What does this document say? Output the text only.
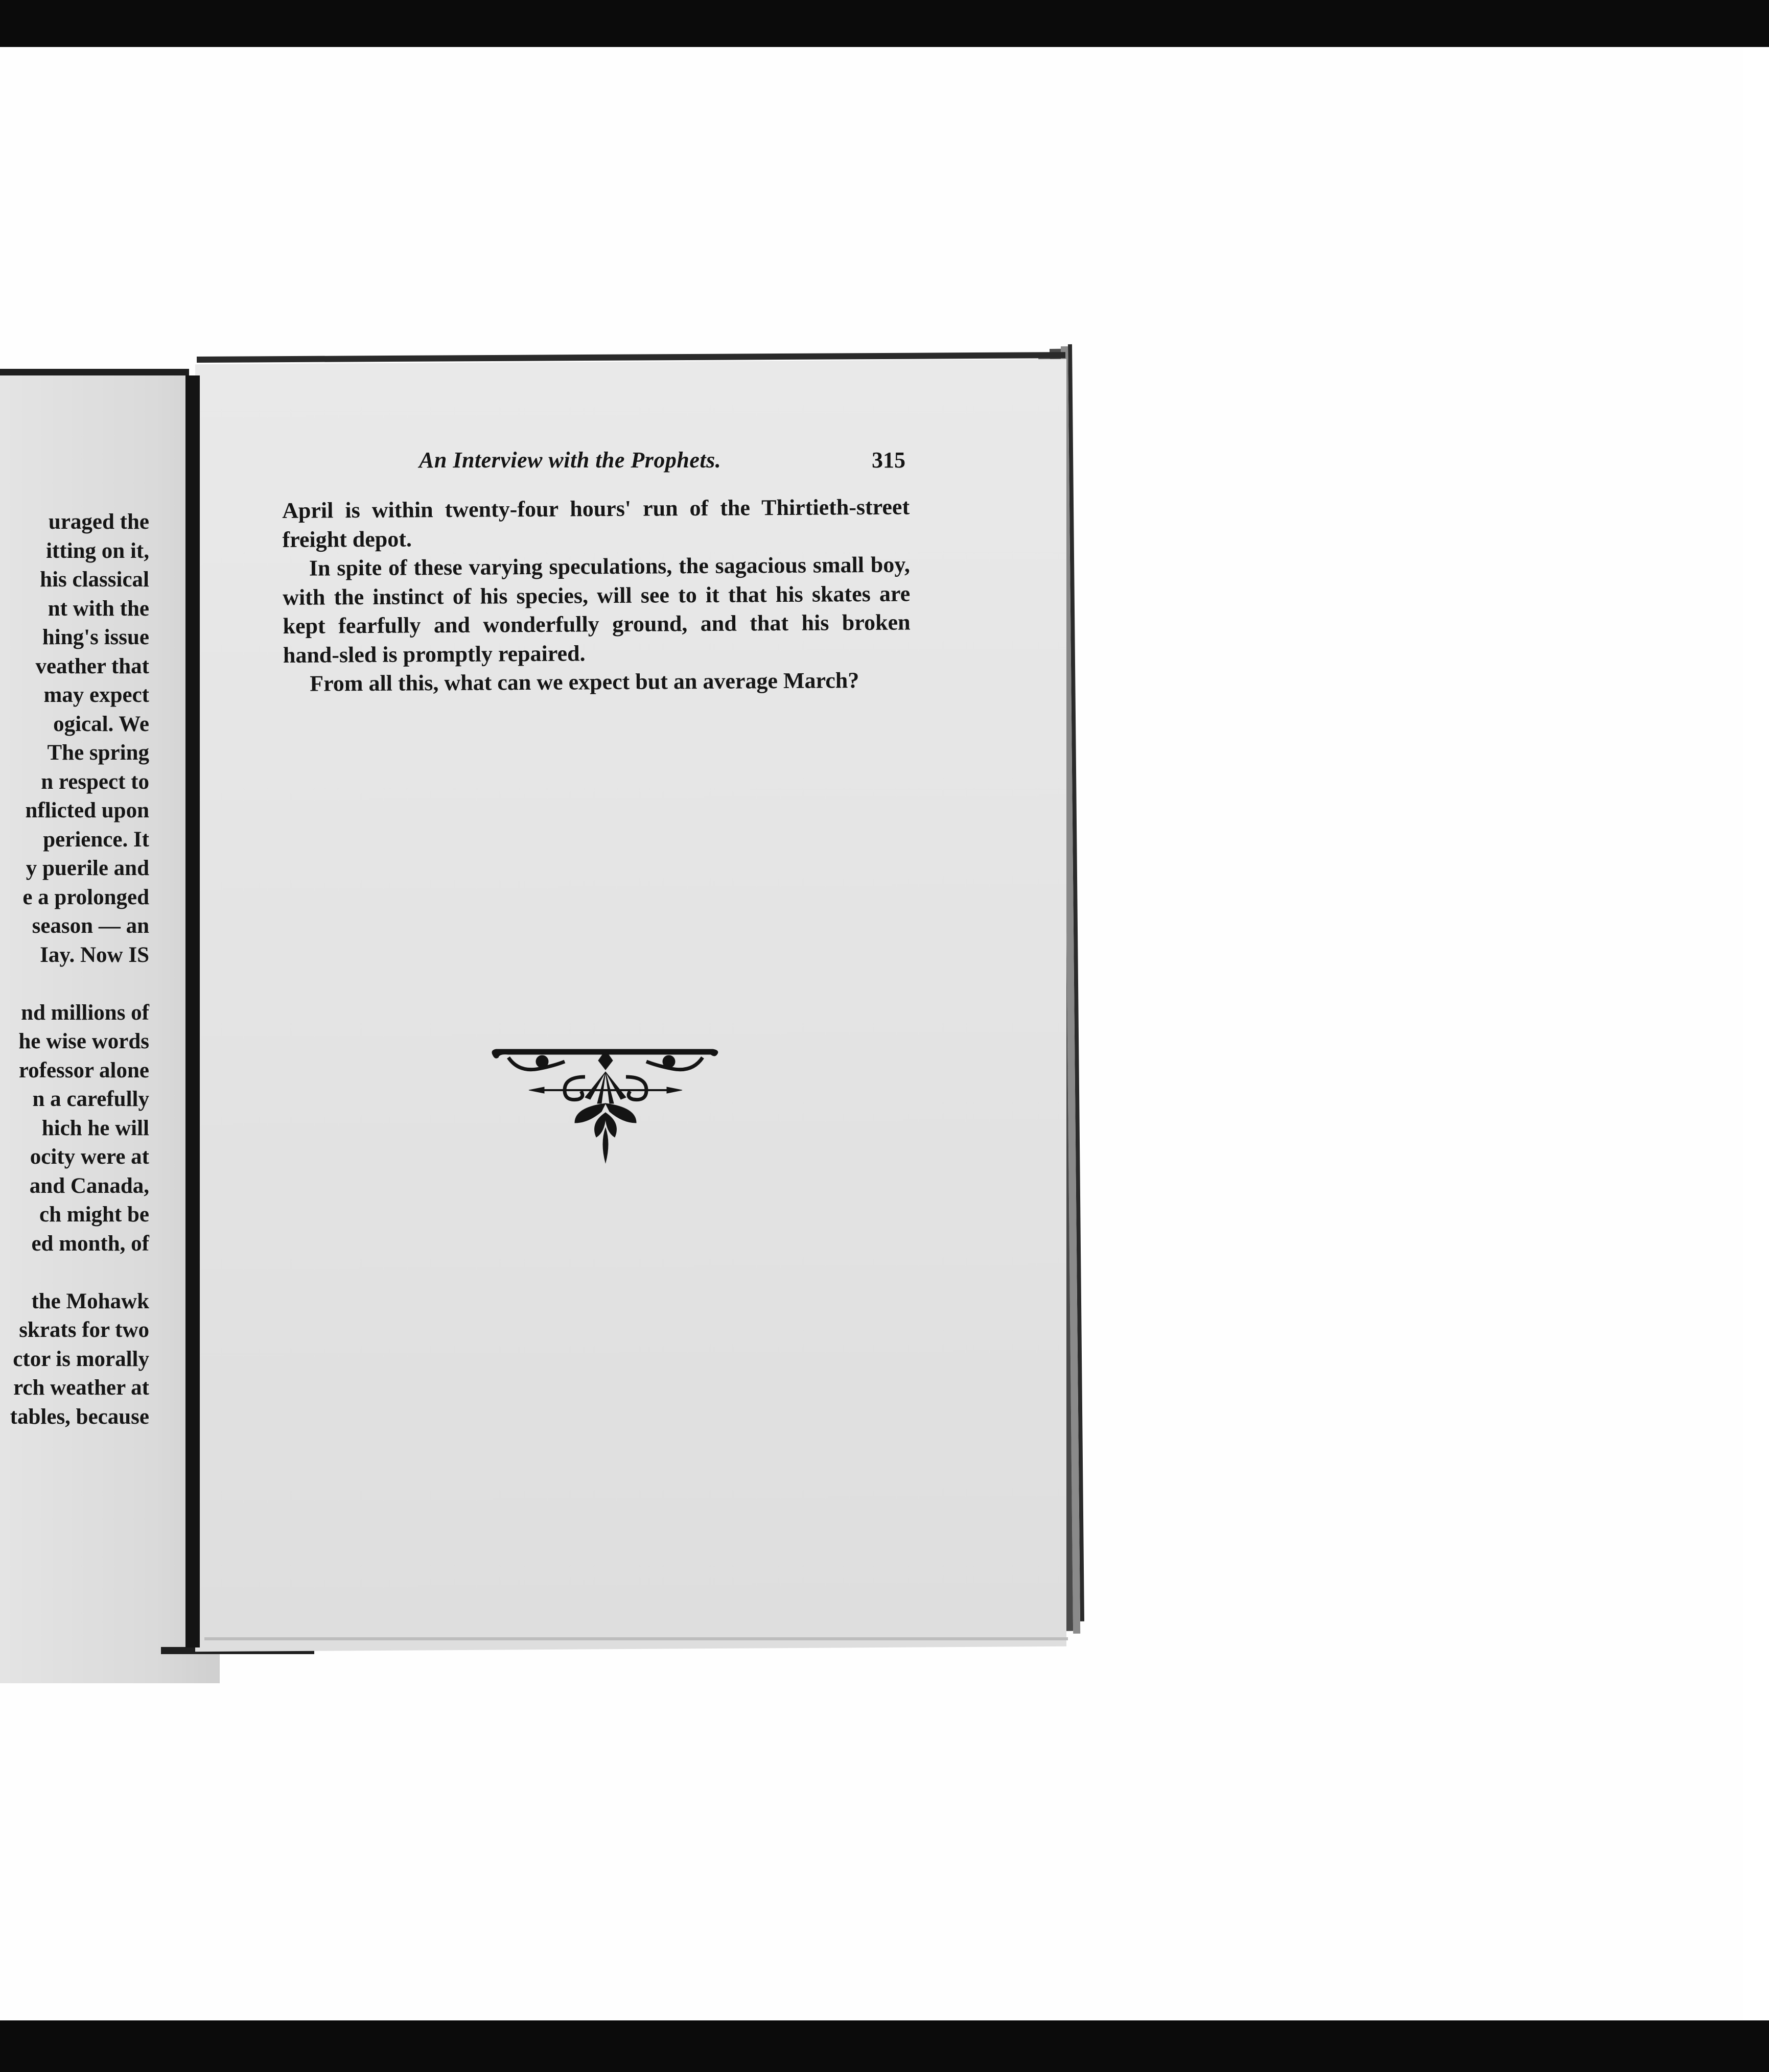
uraged the
itting on it,
his classical
nt with the
hing's issue
veather that
may expect
ogical. We
The spring
n respect to
nflicted upon
perience. It
y puerile and
e a prolonged
season — an
Iay. Now IS
nd millions of
he wise words
rofessor alone
n a carefully
hich he will
ocity were at
and Canada,
ch might be
ed month, of
the Mohawk
skrats for two
ctor is morally
rch weather at
tables, because
An Interview with the Prophets.	315

April is within twenty-four hours' run of the Thirtieth-street freight depot.

In spite of these varying speculations, the sagacious small boy, with the instinct of his species, will see to it that his skates are kept fearfully and wonderfully ground, and that his broken hand-sled is promptly repaired.

From all this, what can we expect but an average March?
